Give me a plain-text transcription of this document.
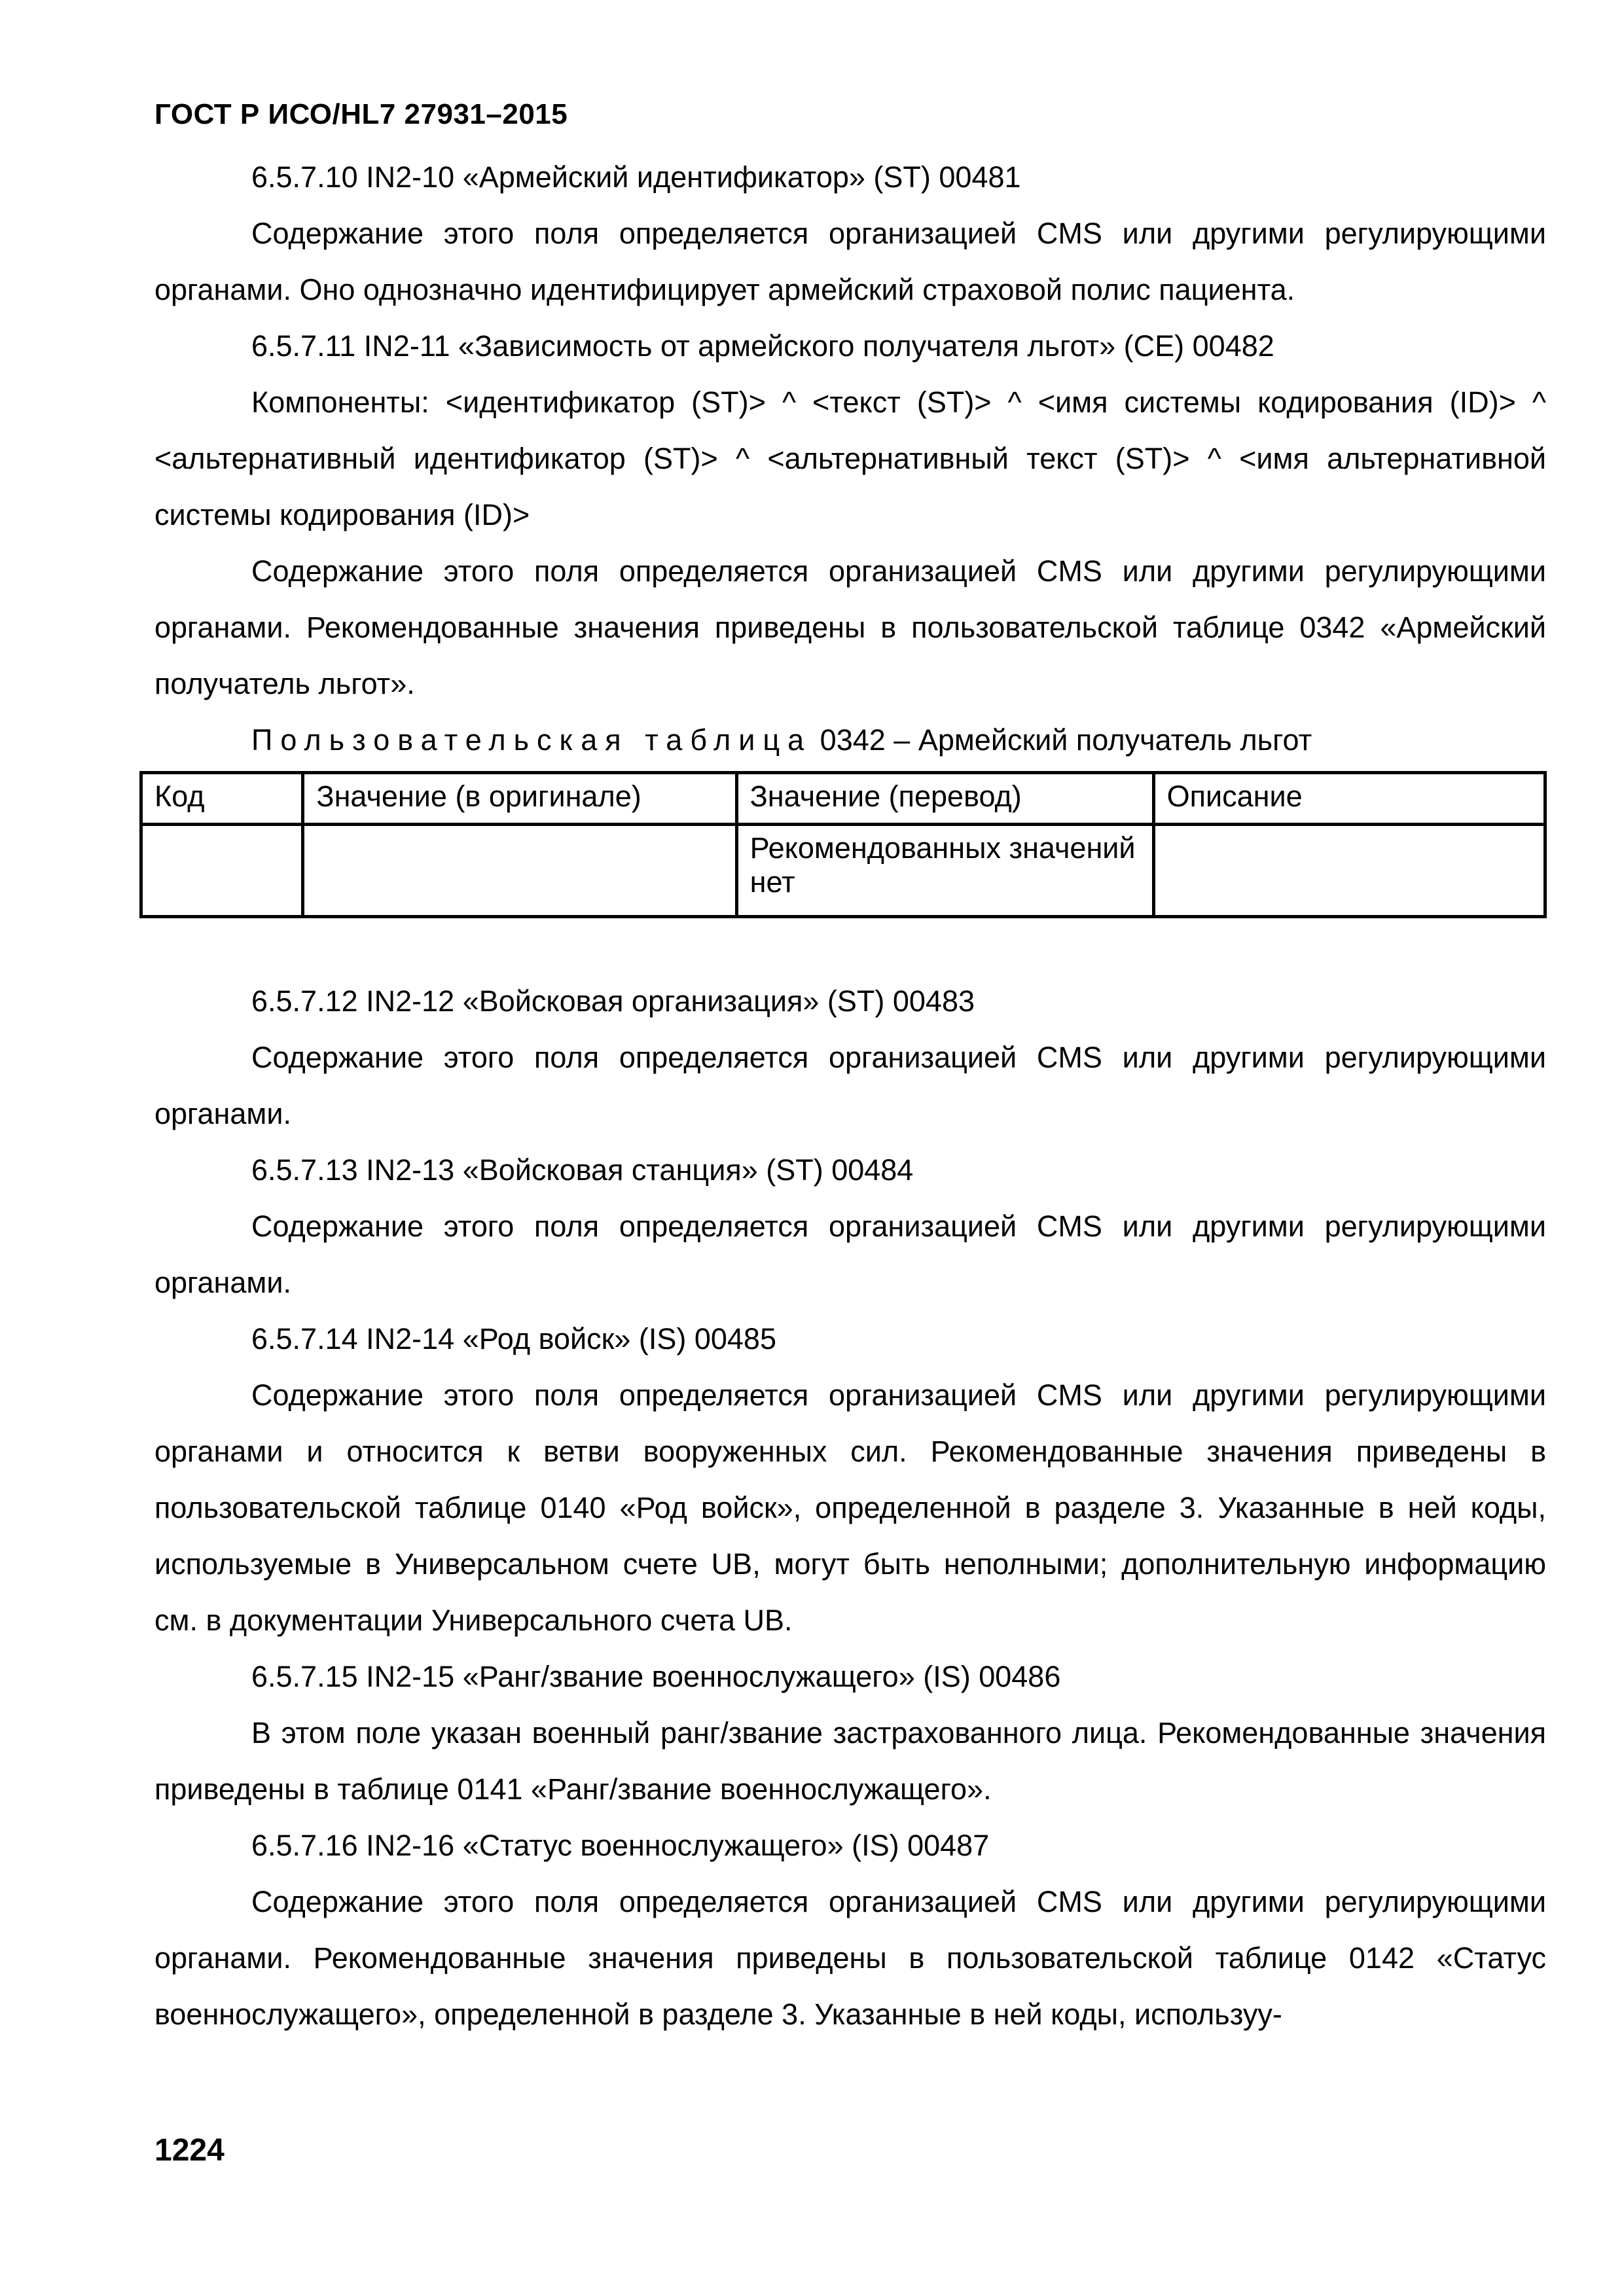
ГОСТ Р ИСО/HL7 27931–2015

6.5.7.10 IN2-10 «Армейский идентификатор» (ST) 00481

Содержание этого поля определяется организацией CMS или другими регулирующими органами. Оно однозначно идентифицирует армейский страховой полис пациента.

6.5.7.11 IN2-11 «Зависимость от армейского получателя льгот» (СЕ) 00482

Компоненты: <идентификатор (ST)> ^ <текст (ST)> ^ <имя системы кодирования (ID)> ^ <альтернативный идентификатор (ST)> ^ <альтернативный текст (ST)> ^ <имя альтернативной системы кодирования (ID)>

Содержание этого поля определяется организацией CMS или другими регулирующими органами. Рекомендованные значения приведены в пользовательской таблице 0342 «Армейский получатель льгот».

Пользовательская таблица 0342 – Армейский получатель льгот

Код	Значение (в оригинале)	Значение (перевод)	Описание
		Рекомендованных значений нет	

6.5.7.12 IN2-12 «Войсковая организация» (ST) 00483

Содержание этого поля определяется организацией CMS или другими регулирующими органами.

6.5.7.13 IN2-13 «Войсковая станция» (ST) 00484

Содержание этого поля определяется организацией CMS или другими регулирующими органами.

6.5.7.14 IN2-14 «Род войск» (IS) 00485

Содержание этого поля определяется организацией CMS или другими регулирующими органами и относится к ветви вооруженных сил. Рекомендованные значения приведены в пользовательской таблице 0140 «Род войск», определенной в разделе 3. Указанные в ней коды, используемые в Универсальном счете UB, могут быть неполными; дополнительную информацию см. в документации Универсального счета UB.

6.5.7.15 IN2-15 «Ранг/звание военнослужащего» (IS) 00486

В этом поле указан военный ранг/звание застрахованного лица. Рекомендованные значения приведены в таблице 0141 «Ранг/звание военнослужащего».

6.5.7.16 IN2-16 «Статус военнослужащего» (IS) 00487

Содержание этого поля определяется организацией CMS или другими регулирующими органами. Рекомендованные значения приведены в пользовательской таблице 0142 «Статус военнослужащего», определенной в разделе 3. Указанные в ней коды, используу-

1224
